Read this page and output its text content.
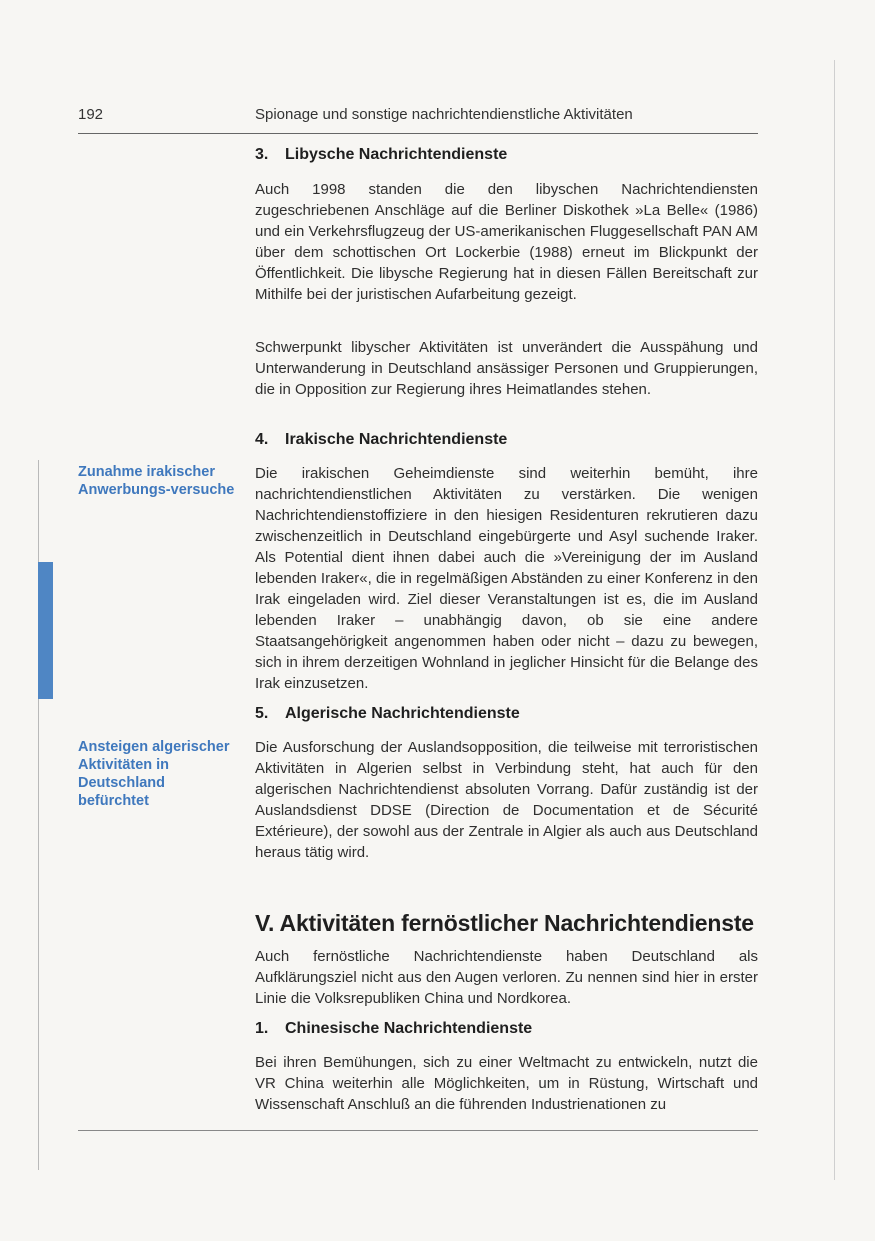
192	Spionage und sonstige nachrichtendienstliche Aktivitäten
Zunahme irakischer Anwerbungs-versuche
Ansteigen algerischer Aktivitäten in Deutschland befürchtet
3. Libysche Nachrichtendienste

Auch 1998 standen die den libyschen Nachrichtendiensten zugeschriebenen Anschläge auf die Berliner Diskothek »La Belle« (1986) und ein Verkehrsflugzeug der US-amerikanischen Fluggesellschaft PAN AM über dem schottischen Ort Lockerbie (1988) erneut im Blickpunkt der Öffentlichkeit. Die libysche Regierung hat in diesen Fällen Bereitschaft zur Mithilfe bei der juristischen Aufarbeitung gezeigt.

Schwerpunkt libyscher Aktivitäten ist unverändert die Ausspähung und Unterwanderung in Deutschland ansässiger Personen und Gruppierungen, die in Opposition zur Regierung ihres Heimatlandes stehen.

4. Irakische Nachrichtendienste

Die irakischen Geheimdienste sind weiterhin bemüht, ihre nachrichtendienstlichen Aktivitäten zu verstärken. Die wenigen Nachrichtendienstoffiziere in den hiesigen Residenturen rekrutieren dazu zwischenzeitlich in Deutschland eingebürgerte und Asyl suchende Iraker. Als Potential dient ihnen dabei auch die »Vereinigung der im Ausland lebenden Iraker«, die in regelmäßigen Abständen zu einer Konferenz in den Irak eingeladen wird. Ziel dieser Veranstaltungen ist es, die im Ausland lebenden Iraker – unabhängig davon, ob sie eine andere Staatsangehörigkeit angenommen haben oder nicht – dazu zu bewegen, sich in ihrem derzeitigen Wohnland in jeglicher Hinsicht für die Belange des Irak einzusetzen.

5. Algerische Nachrichtendienste

Die Ausforschung der Auslandsopposition, die teilweise mit terroristischen Aktivitäten in Algerien selbst in Verbindung steht, hat auch für den algerischen Nachrichtendienst absoluten Vorrang. Dafür zuständig ist der Auslandsdienst DDSE (Direction de Documentation et de Sécurité Extérieure), der sowohl aus der Zentrale in Algier als auch aus Deutschland heraus tätig wird.

V. Aktivitäten fernöstlicher Nachrichtendienste

Auch fernöstliche Nachrichtendienste haben Deutschland als Aufklärungsziel nicht aus den Augen verloren. Zu nennen sind hier in erster Linie die Volksrepubliken China und Nordkorea.

1. Chinesische Nachrichtendienste

Bei ihren Bemühungen, sich zu einer Weltmacht zu entwickeln, nutzt die VR China weiterhin alle Möglichkeiten, um in Rüstung, Wirtschaft und Wissenschaft Anschluß an die führenden Industrienationen zu
